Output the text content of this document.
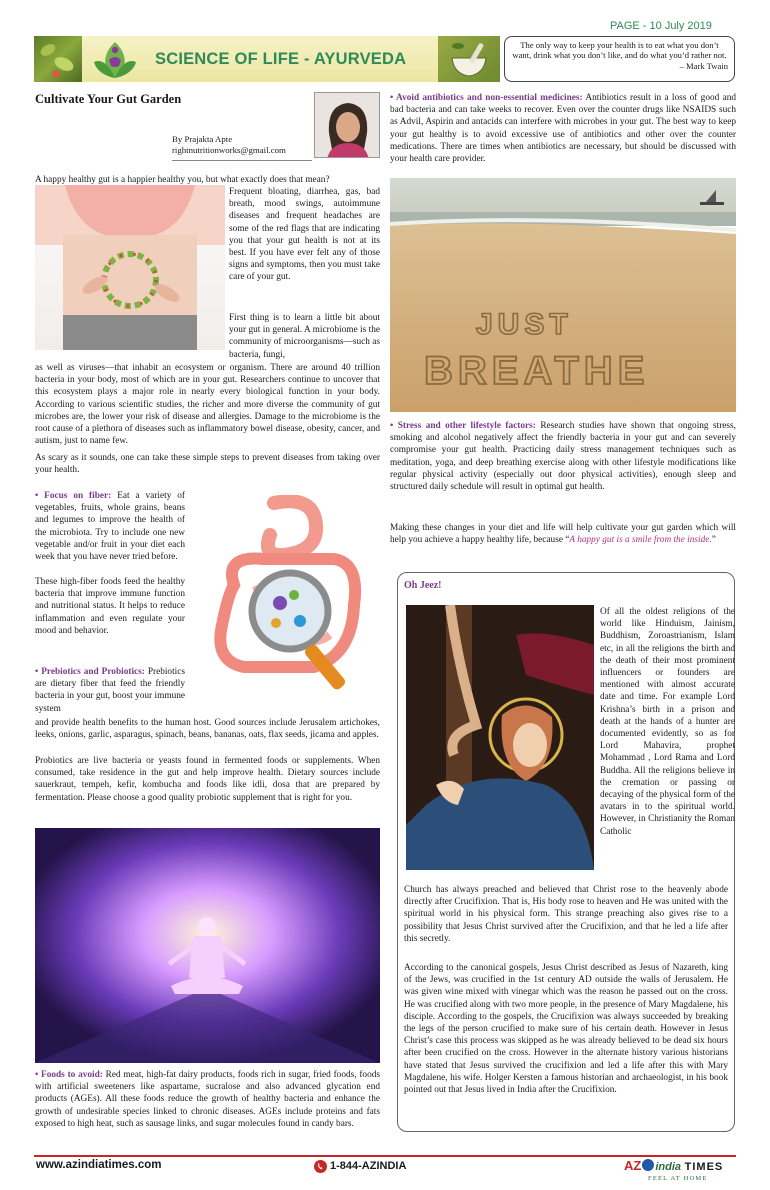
PAGE - 10 July 2019
SCIENCE OF LIFE - AYURVEDA
The only way to keep your health is to eat what you don’t want, drink what you don’t like, and do what you’d rather not.
– Mark Twain
Cultivate Your Gut Garden
By Prajakta Apte
rightnutritionworks@gmail.com
A happy healthy gut is a happier healthy you, but what exactly does that mean?
Frequent bloating, diarrhea, gas, bad breath, mood swings, autoimmune diseases and frequent headaches are some of the red flags that are indicating you that your gut health is not at its best. If you have ever felt any of those signs and symptoms, then you must take care of your gut.
First thing is to learn a little bit about your gut in general. A microbiome is the community of microorganisms—such as bacteria, fungi,
as well as viruses—that inhabit an ecosystem or organism. There are around 40 trillion bacteria in your body, most of which are in your gut. Researchers continue to uncover that this ecosystem plays a major role in nearly every biological function in your body. According to various scientific studies, the richer and more diverse the community of gut microbes are, the lower your risk of disease and allergies. Damage to the microbiome is the root cause of a plethora of diseases such as inflammatory bowel disease, obesity, cancer, and autism, just to name few.
As scary as it sounds, one can take these simple steps to prevent diseases from taking over your health.
• Focus on fiber: Eat a variety of vegetables, fruits, whole grains, beans and legumes to improve the health of the microbiota. Try to include one new vegetable and/or fruit in your diet each week that you have never tried before.
These high-fiber foods feed the healthy bacteria that improve immune function and nutritional status. It helps to reduce inflammation and even regulate your mood and behavior.
• Prebiotics and Probiotics: Prebiotics are dietary fiber that feed the friendly bacteria in your gut, boost your immune system
and provide health benefits to the human host. Good sources include Jerusalem artichokes, leeks, onions, garlic, asparagus, spinach, beans, bananas, oats, flax seeds, jicama and apples.
Probiotics are live bacteria or yeasts found in fermented foods or supplements. When consumed, take residence in the gut and help improve health. Dietary sources include sauerkraut, tempeh, kefir, kombucha and foods like idli, dosa that are prepared by fermentation. Please choose a good quality probiotic supplement that is right for you.
• Foods to avoid: Red meat, high-fat dairy products, foods rich in sugar, fried foods, foods with artificial sweeteners like aspartame, sucralose and also advanced glycation end products (AGEs). All these foods reduce the growth of healthy bacteria and enhance the growth of undesirable species linked to chronic diseases. AGEs include proteins and fats exposed to high heat, such as sausage links, and sugar molecules found in candy bars.
• Avoid antibiotics and non-essential medicines: Antibiotics result in a loss of good and bad bacteria and can take weeks to recover. Even over the counter drugs like NSAIDS such as Advil, Aspirin and antacids can interfere with microbes in your gut. The best way to keep your gut healthy is to avoid excessive use of antibiotics and other over the counter medications. There are times when antibiotics are necessary, but should be discussed with your health care provider.
JUST
BREATHE
• Stress and other lifestyle factors: Research studies have shown that ongoing stress, smoking and alcohol negatively affect the friendly bacteria in your gut and can severely compromise your gut health. Practicing daily stress management techniques such as meditation, yoga, and deep breathing exercise along with other lifestyle modifications like regular physical activity (especially out door physical activities), enough sleep and structured daily schedule will result in optimal gut health.
Making these changes in your diet and life will help cultivate your gut garden which will help you achieve a happy healthy life, because “A happy gut is a smile from the inside.”
Oh Jeez!
Of all the oldest religions of the world like Hinduism, Jainism, Buddhism, Zoroastrianism, Islam etc, in all the religions the birth and the death of their most prominent influencers or founders are mentioned with almost accurate date and time. For example Lord Krishna’s birth in a prison and death at the hands of a hunter are documented evidently, so as for Lord Mahavira, prophet Mohammad , Lord Rama and Lord Buddha. All the religions believe in the cremation or passing or decaying of the physical form of the avatars in to the spiritual world. However, in Christianity the Roman Catholic
Church has always preached and believed that Christ rose to the heavenly abode directly after Crucifixion. That is, His body rose to heaven and He was united with the spiritual world in his physical form. This strange preaching also gives rise to a possibility that Jesus Christ survived after the Crucifixion, and that he led a life after this secretly.
According to the canonical gospels, Jesus Christ described as Jesus of Nazareth, king of the Jews, was crucified in the 1st century AD outside the walls of Jerusalem. He was given wine mixed with vinegar which was the reason he passed out on the cross. He was crucified along with two more people, in the presence of Mary Magdalene, his disciple. According to the gospels, the Crucifixion was always succeeded by breaking the legs of the person crucified to make sure of his certain death. However in Jesus Christ’s case this process was skipped as he was already believed to be dead six hours after been crucified on the cross. However in the alternate history various historians have stated that Jesus survived the crucifixion and led a life after this with Mary Magdalene, his wife. Holger Kersten a famous historian and archaeologist, in his book pointed out that Jesus lived in India after the Crucifixion.
www.azindiatimes.com	1-844-AZINDIA	AZ india TIMES
FEEL AT HOME
